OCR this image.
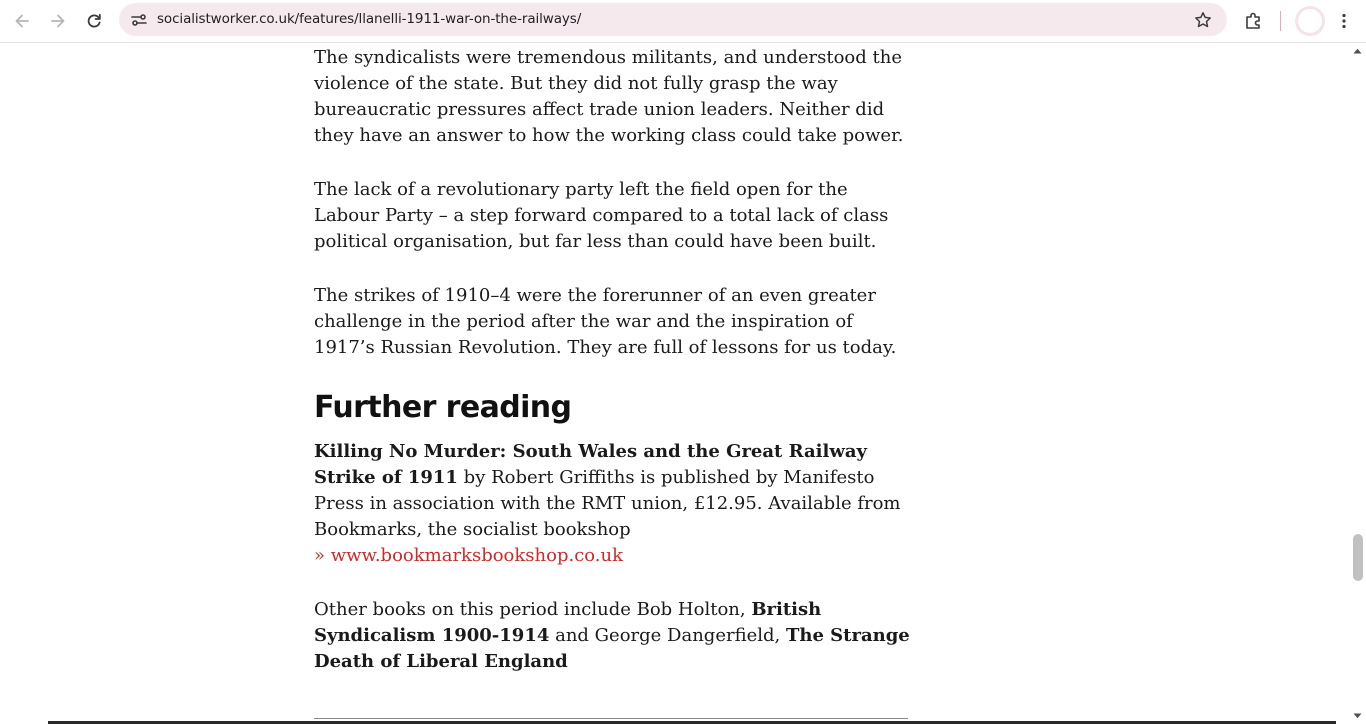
socialistworker.co.uk/features/llanelli-1911-war-on-the-railways/

The syndicalists were tremendous militants, and understood the violence of the state. But they did not fully grasp the way bureaucratic pressures affect trade union leaders. Neither did they have an answer to how the working class could take power.

The lack of a revolutionary party left the field open for the Labour Party – a step forward compared to a total lack of class political organisation, but far less than could have been built.

The strikes of 1910–4 were the forerunner of an even greater challenge in the period after the war and the inspiration of 1917’s Russian Revolution. They are full of lessons for us today.

Further reading

Killing No Murder: South Wales and the Great Railway Strike of 1911 by Robert Griffiths is published by Manifesto Press in association with the RMT union, £12.95. Available from Bookmarks, the socialist bookshop
» www.bookmarksbookshop.co.uk

Other books on this period include Bob Holton, British Syndicalism 1900-1914 and George Dangerfield, The Strange Death of Liberal England
